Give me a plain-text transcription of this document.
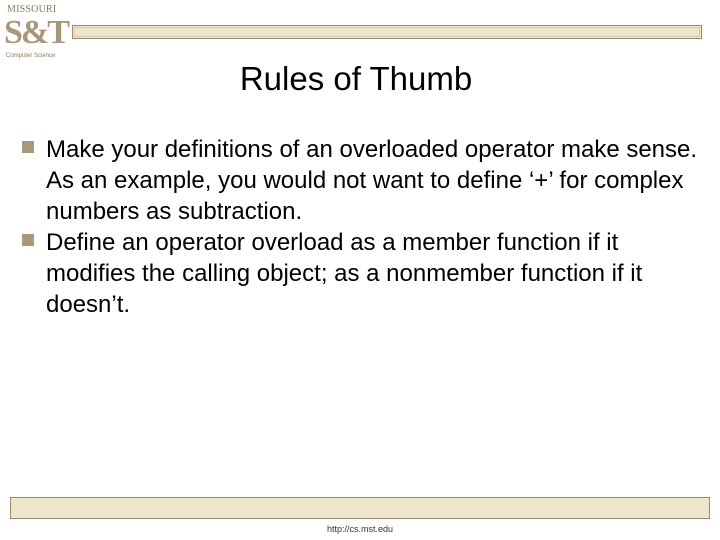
MISSOURI
S&T
Computer Science
Rules of Thumb
Make your definitions of an overloaded operator make sense. As an example, you would not want to define ‘+’ for complex numbers as subtraction.
Define an operator overload as a member function if it modifies the calling object; as a nonmember function if it doesn’t.
http://cs.mst.edu
